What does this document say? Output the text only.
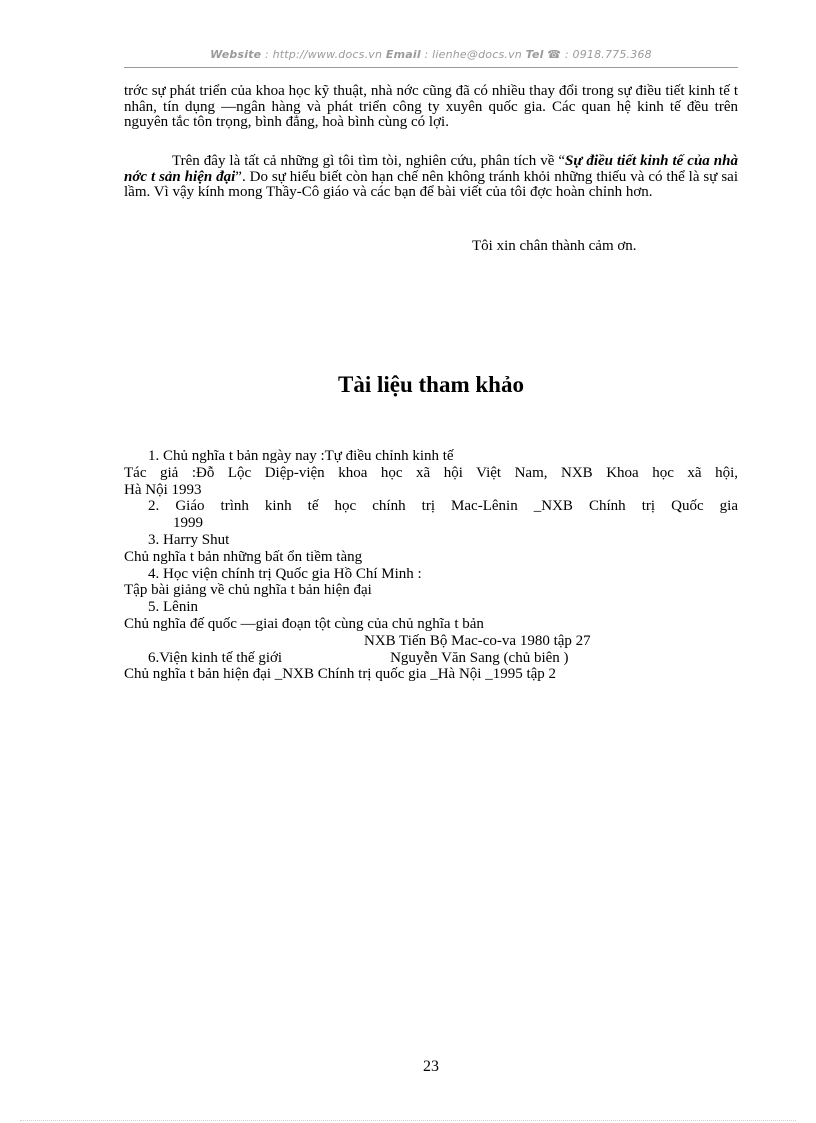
Website : http://www.docs.vn Email : lienhe@docs.vn Tel ☎ : 0918.775.368
trớc sự phát triển của khoa học kỹ thuật, nhà nớc cũng đã có nhiều thay đổi trong sự điều tiết kinh tế t nhân, tín dụng —ngân hàng và phát triển công ty xuyên quốc gia. Các quan hệ kinh tế đều trên nguyên tắc tôn trọng, bình đẳng, hoà bình cùng có lợi.
Trên đây là tất cả những gì tôi tìm tòi, nghiên cứu, phân tích về “Sự điều tiết kinh tế của nhà nớc t sản hiện đại”. Do sự hiểu biết còn hạn chế nên không tránh khỏi những thiếu và có thể là sự sai lầm. Vì vậy kính mong Thầy-Cô giáo và các bạn để bài viết của tôi đợc hoàn chỉnh hơn.
Tôi xin chân thành cảm ơn.
Tài liệu tham khảo
1. Chủ nghĩa t bản ngày nay :Tự điều chỉnh kinh tế
Tác giả :Đỗ Lộc Diệp-viện khoa học xã hội Việt Nam, NXB Khoa học xã hội,
Hà Nội 1993
2. Giáo trình kinh tế học chính trị Mac-Lênin _NXB Chính trị Quốc gia
1999
3. Harry Shut
Chủ nghĩa t bản những bất ổn tiềm tàng
4. Học viện chính trị Quốc gia Hồ Chí Minh :
Tập bài giảng về chủ nghĩa t bản hiện đại
5. Lênin
Chủ nghĩa đế quốc —giai đoạn tột cùng của chủ nghĩa t bản
NXB Tiến Bộ Mac-co-va 1980 tập 27
6.Viện kinh tế thế giới	Nguyễn Văn Sang (chủ biên )
Chủ nghĩa t bản hiện đại _NXB Chính trị quốc gia _Hà Nội _1995 tập 2
23
